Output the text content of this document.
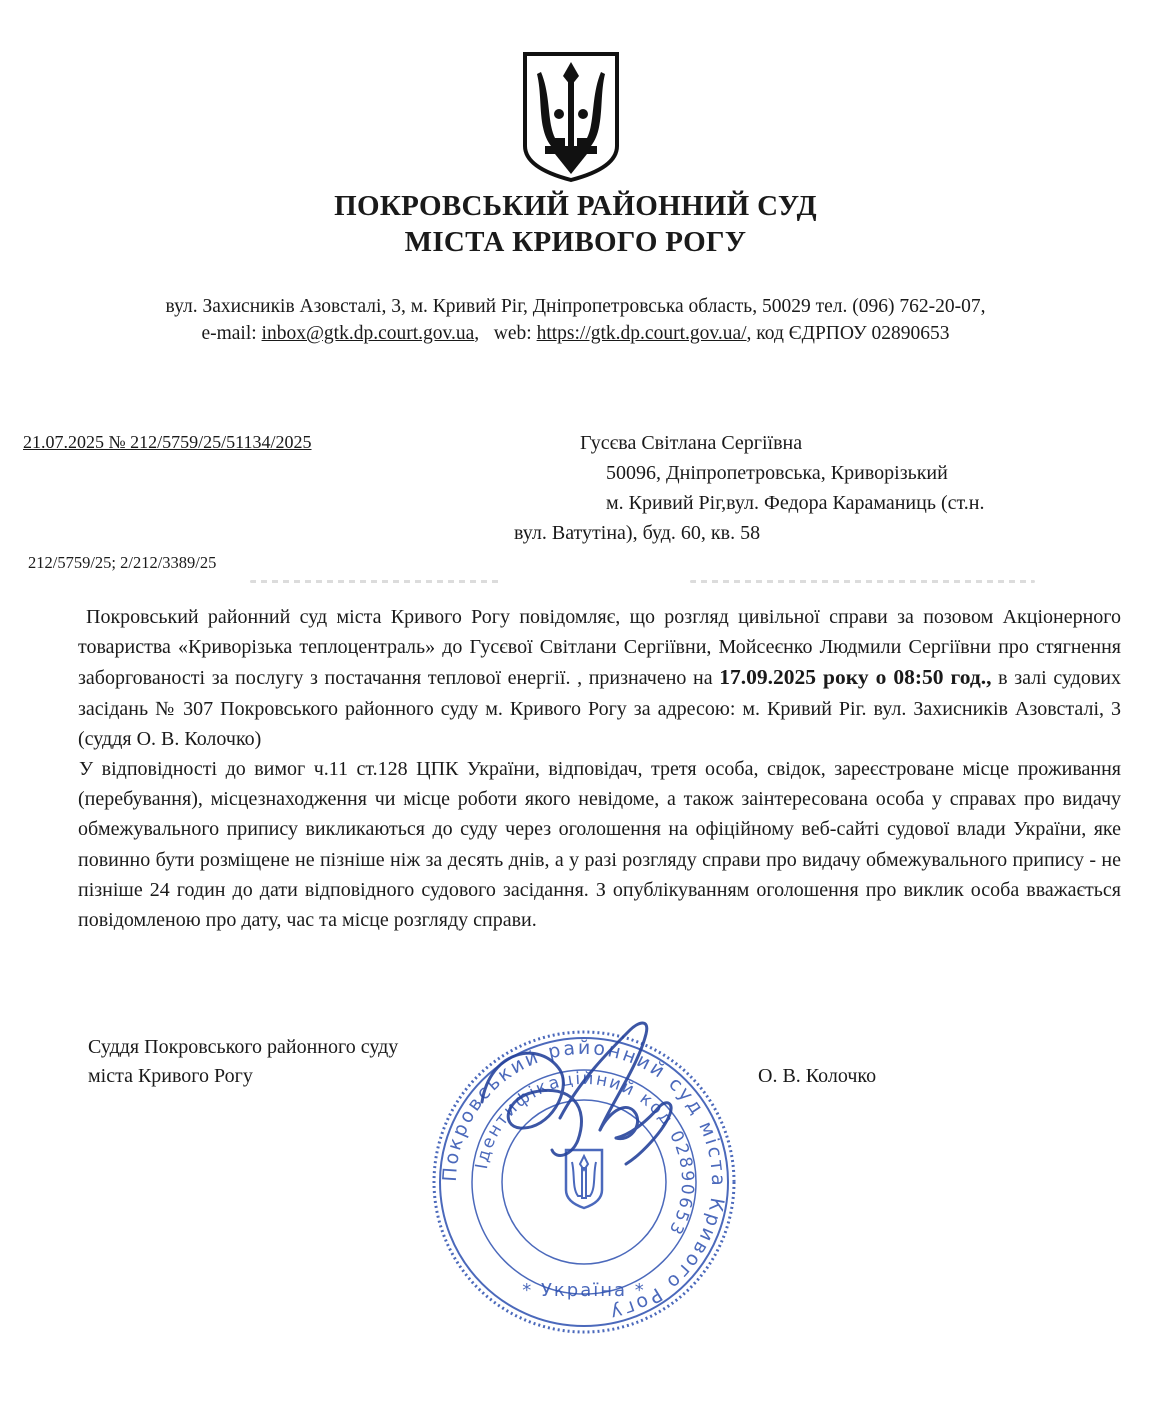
ПОКРОВСЬКИЙ РАЙОННИЙ СУД
МІСТА КРИВОГО РОГУ
вул. Захисників Азовсталі, 3, м. Кривий Ріг, Дніпропетровська область, 50029 тел. (096) 762-20-07,
e-mail: inbox@gtk.dp.court.gov.ua,   web: https://gtk.dp.court.gov.ua/, код ЄДРПОУ 02890653
21.07.2025 № 212/5759/25/51134/2025	Гусєва Світлана Сергіївна
50096, Дніпропетровська, Криворізький
м. Кривий Ріг,вул. Федора Караманиць (ст.н.
вул. Ватутіна), буд. 60, кв. 58
212/5759/25; 2/212/3389/25

Покровський районний суд міста Кривого Рогу повідомляє, що розгляд цивільної справи за позовом Акціонерного товариства «Криворізька теплоцентраль» до Гусєвої Світлани Сергіївни, Мойсеєнко Людмили Сергіївни про стягнення заборгованості за послугу з постачання теплової енергії. , призначено на 17.09.2025 року о 08:50 год., в залі судових засідань № 307 Покровського районного суду м. Кривого Рогу за адресою: м. Кривий Ріг. вул. Захисників Азовсталі, 3 (суддя О. В. Колочко)

У відповідності до вимог ч.11 ст.128 ЦПК України, відповідач, третя особа, свідок, зареєстроване місце проживання (перебування), місцезнаходження чи місце роботи якого невідоме, а також заінтересована особа у справах про видачу обмежувального припису викликаються до суду через оголошення на офіційному веб-сайті судової влади України, яке повинно бути розміщене не пізніше ніж за десять днів, а у разі розгляду справи про видачу обмежувального припису - не пізніше 24 годин до дати відповідного судового засідання. З опублікуванням оголошення про виклик особа вважається повідомленою про дату, час та місце розгляду справи.

Покровський районний суд міста Кривого Рогу
Ідентифікаційний код 02890653
* Україна *
Суддя Покровського районного суду
міста Кривого Рогу	О. В. Колочко
